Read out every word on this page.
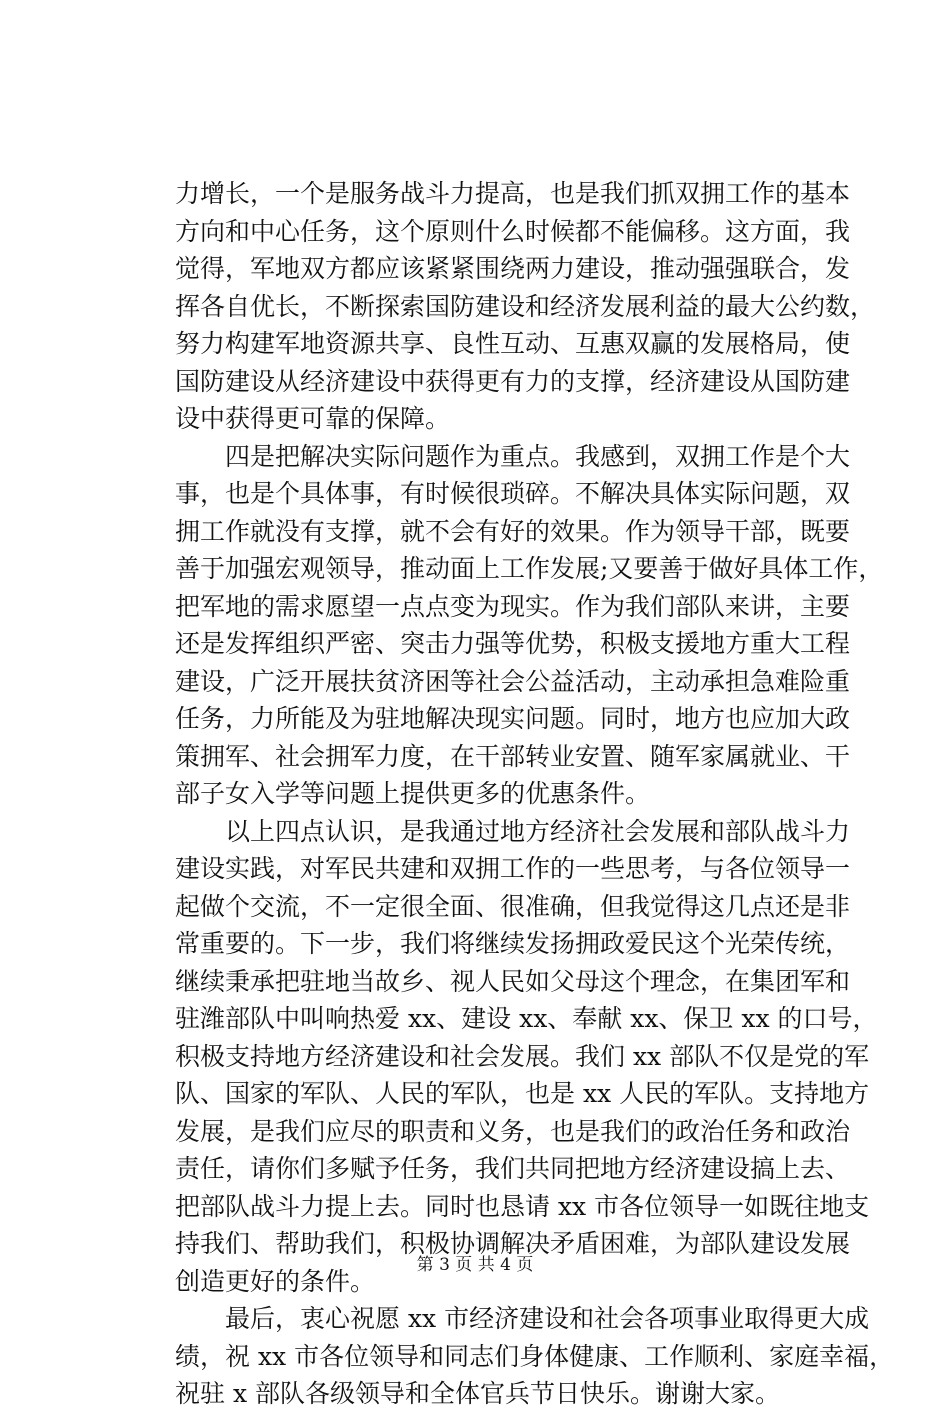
力增长，一个是服务战斗力提高，也是我们抓双拥工作的基本
方向和中心任务，这个原则什么时候都不能偏移。这方面，我
觉得，军地双方都应该紧紧围绕两力建设，推动强强联合，发
挥各自优长，不断探索国防建设和经济发展利益的最大公约数，
努力构建军地资源共享、良性互动、互惠双赢的发展格局，使
国防建设从经济建设中获得更有力的支撑，经济建设从国防建
设中获得更可靠的保障。
四是把解决实际问题作为重点。我感到，双拥工作是个大
事，也是个具体事，有时候很琐碎。不解决具体实际问题，双
拥工作就没有支撑，就不会有好的效果。作为领导干部，既要
善于加强宏观领导，推动面上工作发展;又要善于做好具体工作，
把军地的需求愿望一点点变为现实。作为我们部队来讲，主要
还是发挥组织严密、突击力强等优势，积极支援地方重大工程
建设，广泛开展扶贫济困等社会公益活动，主动承担急难险重
任务，力所能及为驻地解决现实问题。同时，地方也应加大政
策拥军、社会拥军力度，在干部转业安置、随军家属就业、干
部子女入学等问题上提供更多的优惠条件。
以上四点认识，是我通过地方经济社会发展和部队战斗力
建设实践，对军民共建和双拥工作的一些思考，与各位领导一
起做个交流，不一定很全面、很准确，但我觉得这几点还是非
常重要的。下一步，我们将继续发扬拥政爱民这个光荣传统，
继续秉承把驻地当故乡、视人民如父母这个理念，在集团军和
驻潍部队中叫响热爱 xx、建设 xx、奉献 xx、保卫 xx 的口号，
积极支持地方经济建设和社会发展。我们 xx 部队不仅是党的军
队、国家的军队、人民的军队，也是 xx 人民的军队。支持地方
发展，是我们应尽的职责和义务，也是我们的政治任务和政治
责任，请你们多赋予任务，我们共同把地方经济建设搞上去、
把部队战斗力提上去。同时也恳请 xx 市各位领导一如既往地支
持我们、帮助我们，积极协调解决矛盾困难，为部队建设发展
创造更好的条件。
最后，衷心祝愿 xx 市经济建设和社会各项事业取得更大成
绩，祝 xx 市各位领导和同志们身体健康、工作顺利、家庭幸福，
祝驻 x 部队各级领导和全体官兵节日快乐。谢谢大家。
第 3 页 共 4 页
